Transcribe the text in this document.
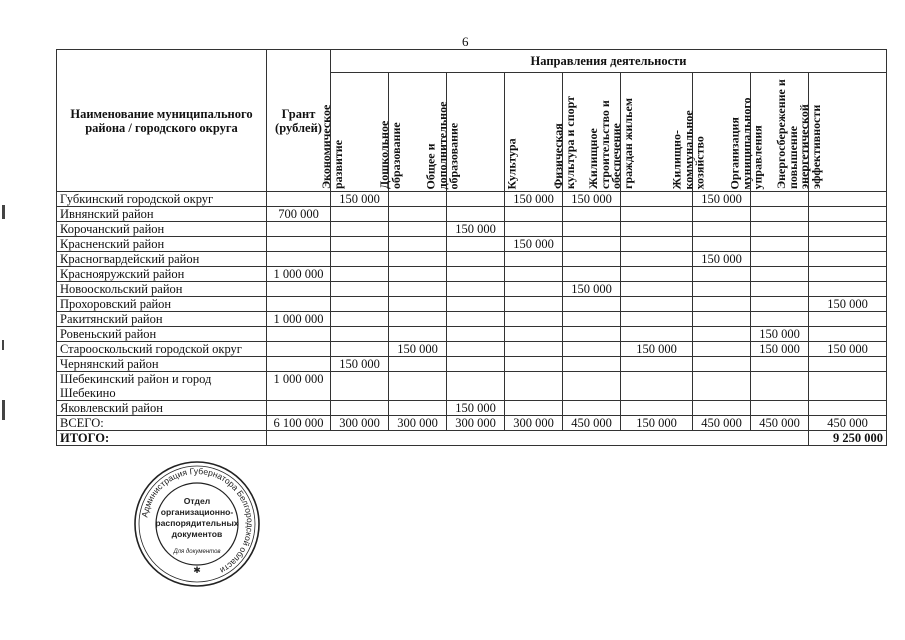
6
Наименование муниципального района / городского округа	Грант (рублей)	Направления деятельности								

		Экономическое развитие	Дошкольное образование	Общее и дополнительное образование	Культура	Физическая культура и спорт	Жилищное строительство и обеспечение граждан жильем	Жилищно-коммунальное хозяйство	Организация муниципального управления	Энергосбережение и повышение энергетической эффективности

Губкинский городской округ		150 000			150 000	150 000		150 000		
Ивнянский район	700 000									
Корочанский район				150 000						
Красненский район					150 000					
Красногвардейский район								150 000		
Краснояружский район	1 000 000									
Новооскольский район						150 000				
Прохоровский район										150 000
Ракитянский район	1 000 000									
Ровеньский район									150 000	
Старооскольский городской округ			150 000				150 000		150 000	150 000
Чернянский район		150 000								
Шебекинский район и город Шебекино	1 000 000									
Яковлевский район				150 000						
ВСЕГО:	6 100 000	300 000	300 000	300 000	300 000	450 000	150 000	450 000	450 000	450 000
ИТОГО:										9 250 000
Администрация Губернатора Белгородской области
Отдел
организационно-
распорядительных
документов
Для документов
✱
